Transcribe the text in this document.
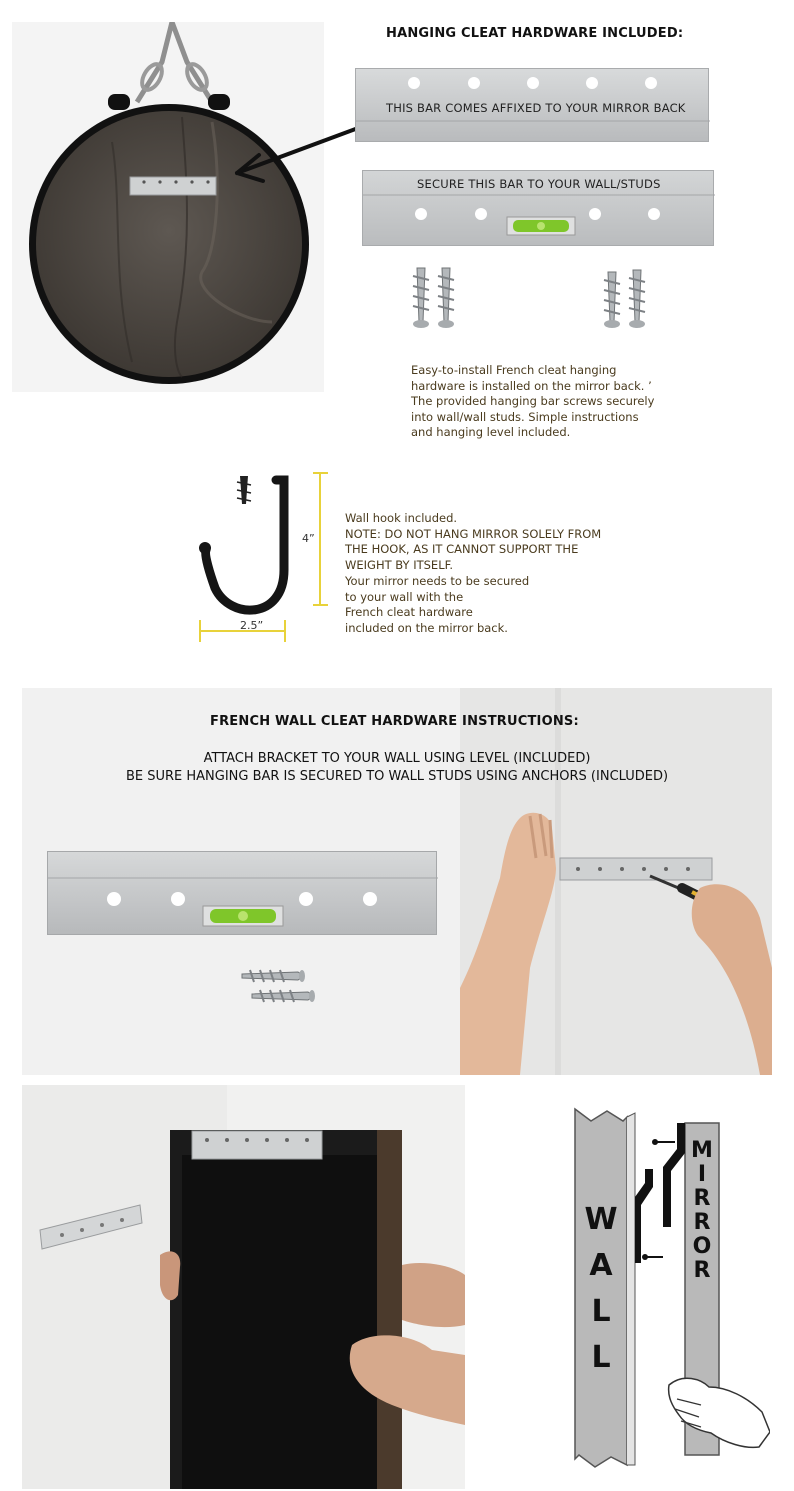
HANGING CLEAT HARDWARE INCLUDED:
THIS BAR COMES AFFIXED TO YOUR MIRROR BACK
SECURE THIS BAR TO YOUR WALL/STUDS
Easy-to-install French cleat hanging
hardware is installed on the mirror back. ’
The provided hanging bar screws securely
into wall/wall studs. Simple instructions
and hanging level included.
4”
2.5”
Wall hook included.
NOTE: DO NOT HANG MIRROR SOLELY FROM
THE HOOK, AS IT CANNOT SUPPORT THE
WEIGHT BY ITSELF.
Your mirror needs to be secured
to your wall with the
French cleat hardware
included on the mirror back.
FRENCH WALL CLEAT HARDWARE INSTRUCTIONS:
ATTACH BRACKET TO YOUR WALL USING LEVEL (INCLUDED)
BE SURE HANGING BAR IS SECURED TO WALL STUDS USING ANCHORS (INCLUDED)
W
A
L
L
M
I
R
R
O
R
